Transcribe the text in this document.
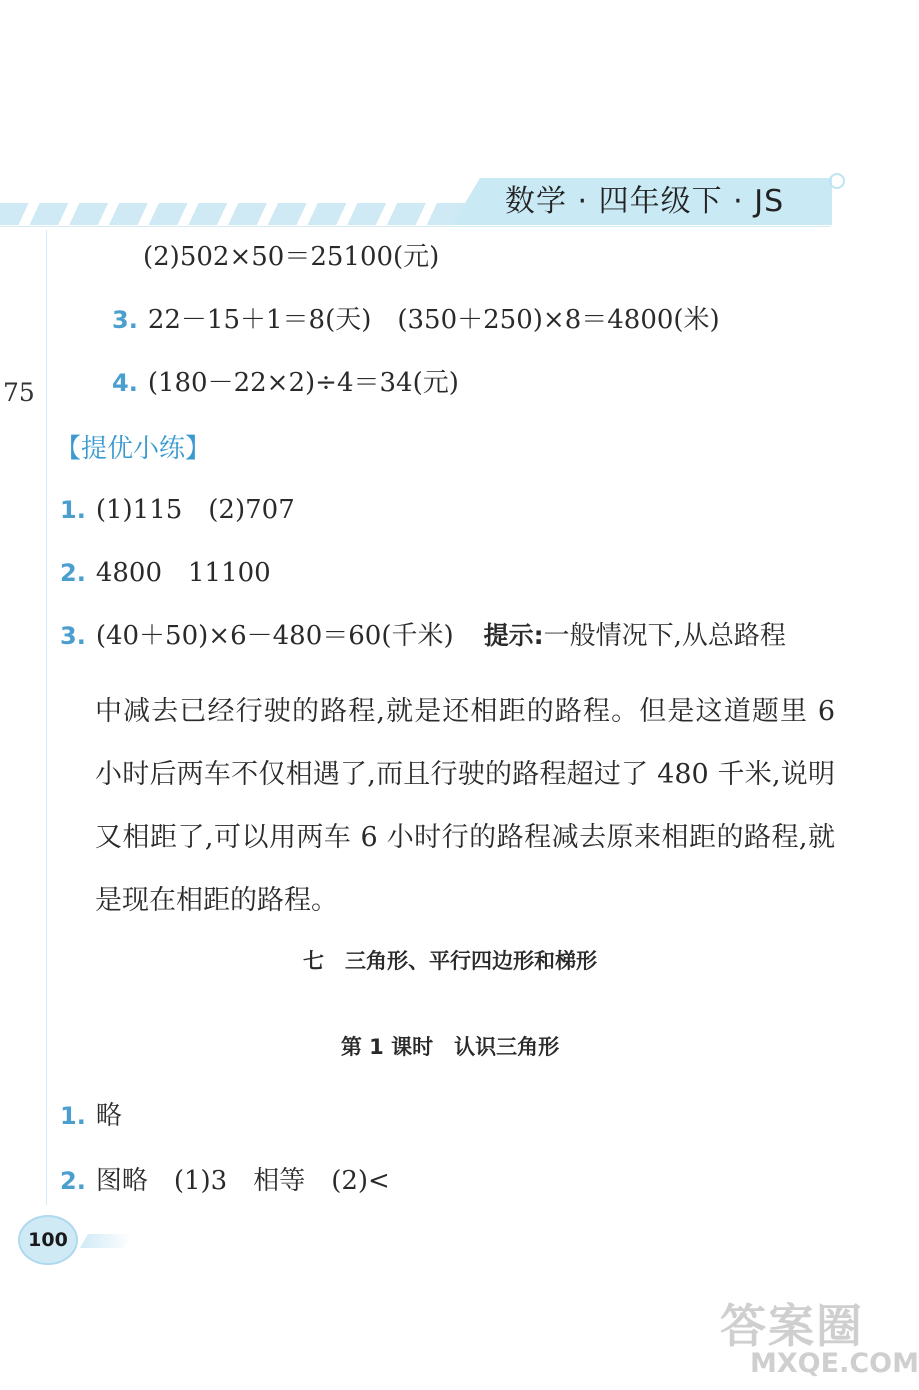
数学 · 四年级下 · JS
75
(2)502×50＝25100(元)
3. 22－15＋1＝8(天)　(350＋250)×8＝4800(米)
4. (180－22×2)÷4＝34(元)
【提优小练】
1. (1)115　(2)707
2. 4800　11100
3. (40＋50)×6－480＝60(千米) 提示:一般情况下,从总路程
中减去已经行驶的路程,就是还相距的路程。但是这道题里 6 小时后两车不仅相遇了,而且行驶的路程超过了 480 千米,说明又相距了,可以用两车 6 小时行的路程减去原来相距的路程,就是现在相距的路程。
七　三角形、平行四边形和梯形
第 1 课时　认识三角形
1. 略
2. 图略　(1)3　相等　(2)<
100
答案圈
MXQE.COM
